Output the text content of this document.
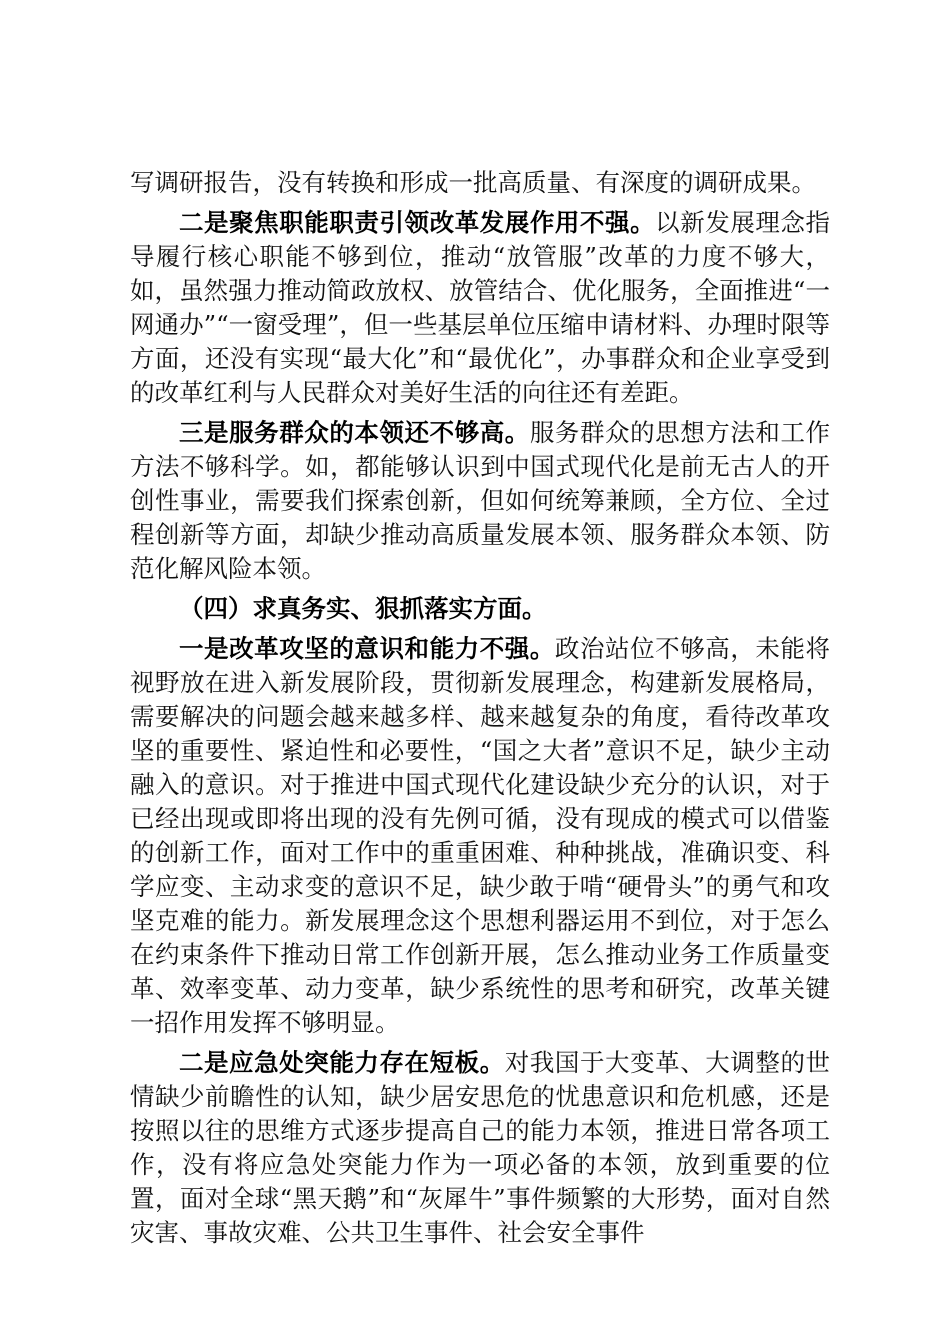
写调研报告，没有转换和形成一批高质量、有深度的调研成果。

二是聚焦职能职责引领改革发展作用不强。以新发展理念指导履行核心职能不够到位，推动“放管服”改革的力度不够大，如，虽然强力推动简政放权、放管结合、优化服务，全面推进“一网通办”“一窗受理”，但一些基层单位压缩申请材料、办理时限等方面，还没有实现“最大化”和“最优化”，办事群众和企业享受到的改革红利与人民群众对美好生活的向往还有差距。

三是服务群众的本领还不够高。服务群众的思想方法和工作方法不够科学。如，都能够认识到中国式现代化是前无古人的开创性事业，需要我们探索创新，但如何统筹兼顾，全方位、全过程创新等方面，却缺少推动高质量发展本领、服务群众本领、防范化解风险本领。

（四）求真务实、狠抓落实方面。

一是改革攻坚的意识和能力不强。政治站位不够高，未能将视野放在进入新发展阶段，贯彻新发展理念，构建新发展格局，需要解决的问题会越来越多样、越来越复杂的角度，看待改革攻坚的重要性、紧迫性和必要性，“国之大者”意识不足，缺少主动融入的意识。对于推进中国式现代化建设缺少充分的认识，对于已经出现或即将出现的没有先例可循，没有现成的模式可以借鉴的创新工作，面对工作中的重重困难、种种挑战，准确识变、科学应变、主动求变的意识不足，缺少敢于啃“硬骨头”的勇气和攻坚克难的能力。新发展理念这个思想利器运用不到位，对于怎么在约束条件下推动日常工作创新开展，怎么推动业务工作质量变革、效率变革、动力变革，缺少系统性的思考和研究，改革关键一招作用发挥不够明显。

二是应急处突能力存在短板。对我国于大变革、大调整的世情缺少前瞻性的认知，缺少居安思危的忧患意识和危机感，还是按照以往的思维方式逐步提高自己的能力本领，推进日常各项工作，没有将应急处突能力作为一项必备的本领，放到重要的位置，面对全球“黑天鹅”和“灰犀牛”事件频繁的大形势，面对自然灾害、事故灾难、公共卫生事件、社会安全事件
